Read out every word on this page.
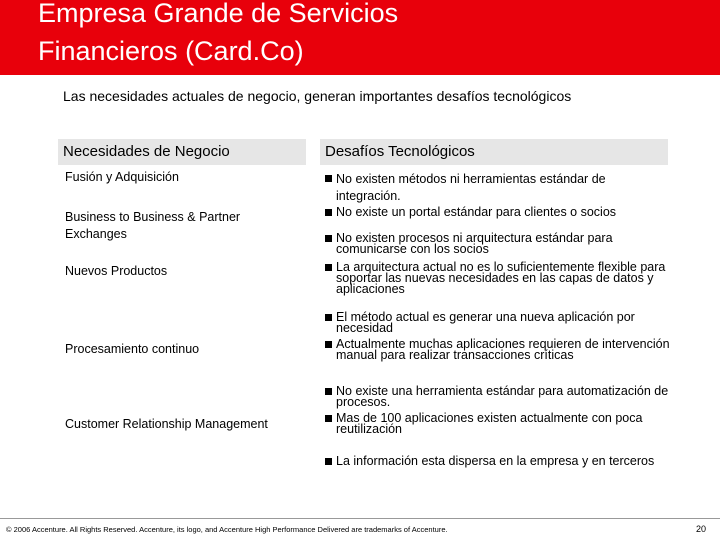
Empresa Grande de Servicios
Financieros (Card.Co)
Las necesidades actuales de negocio, generan importantes desafíos tecnológicos
Necesidades de Negocio	Desafíos Tecnológicos
Fusión y Adquisición
Business to Business & Partner Exchanges
Nuevos Productos
Procesamiento continuo
Customer Relationship Management
No existen métodos ni herramientas estándar de integración.
No existe un portal estándar para clientes o socios
No existen procesos ni arquitectura estándar para comunicarse con los socios
La arquitectura actual no es lo suficientemente flexible para soportar las nuevas necesidades en las capas de datos y aplicaciones
El método actual es generar una nueva aplicación por necesidad
Actualmente muchas aplicaciones requieren de intervención manual para realizar transacciones críticas
No existe una herramienta estándar para automatización de procesos.
Mas de 100 aplicaciones existen actualmente con poca reutilización
La información esta dispersa en la empresa y en terceros
© 2006 Accenture. All Rights Reserved. Accenture, its logo, and Accenture High Performance Delivered are trademarks of Accenture.	20
